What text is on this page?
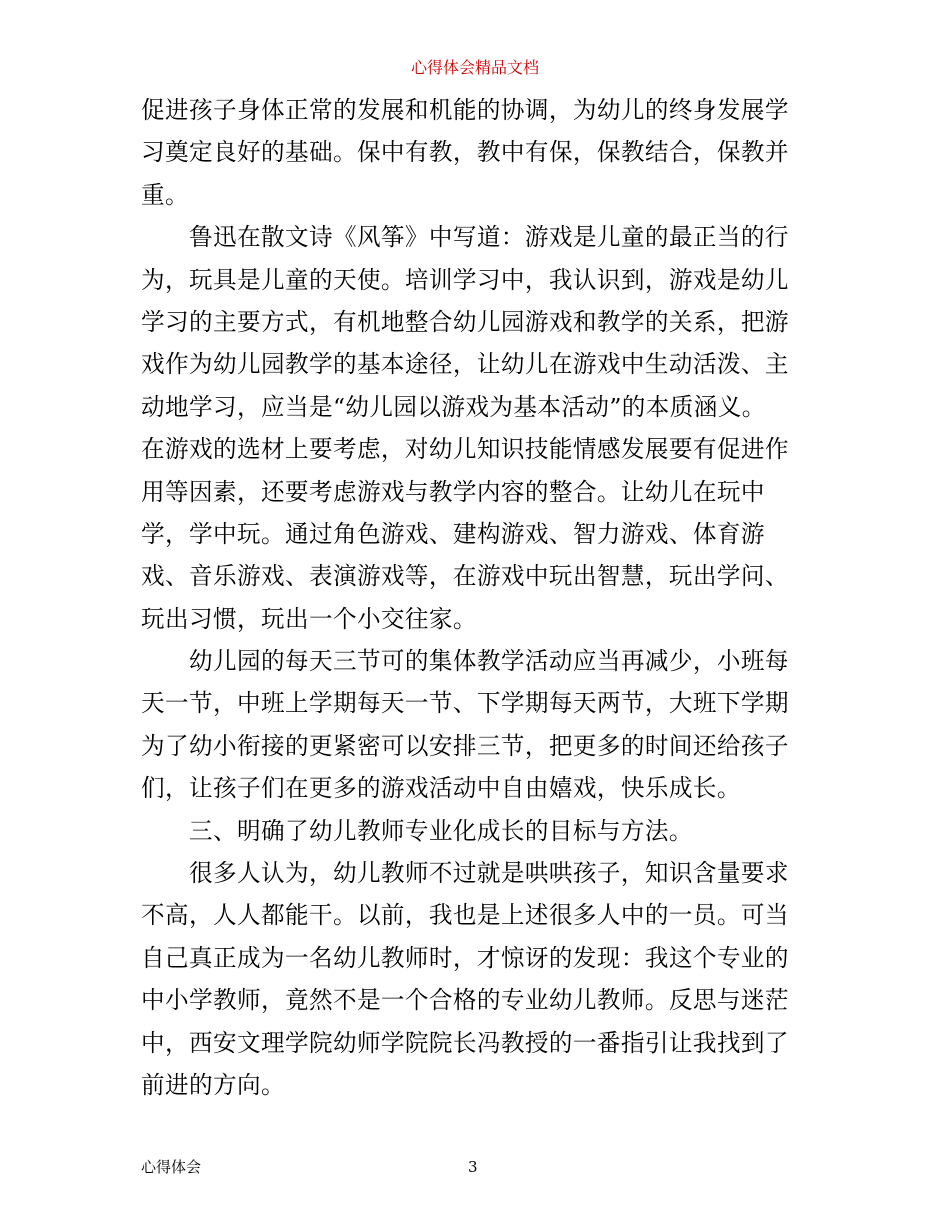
心得体会精品文档
促进孩子身体正常的发展和机能的协调，为幼儿的终身发展学
习奠定良好的基础。保中有教，教中有保，保教结合，保教并
重。
　　鲁迅在散文诗《风筝》中写道：游戏是儿童的最正当的行
为，玩具是儿童的天使。培训学习中，我认识到，游戏是幼儿
学习的主要方式，有机地整合幼儿园游戏和教学的关系，把游
戏作为幼儿园教学的基本途径，让幼儿在游戏中生动活泼、主
动地学习，应当是“幼儿园以游戏为基本活动”的本质涵义。
在游戏的选材上要考虑，对幼儿知识技能情感发展要有促进作
用等因素，还要考虑游戏与教学内容的整合。让幼儿在玩中
学，学中玩。通过角色游戏、建构游戏、智力游戏、体育游
戏、音乐游戏、表演游戏等，在游戏中玩出智慧，玩出学问、
玩出习惯，玩出一个小交往家。
　　幼儿园的每天三节可的集体教学活动应当再减少，小班每
天一节，中班上学期每天一节、下学期每天两节，大班下学期
为了幼小衔接的更紧密可以安排三节，把更多的时间还给孩子
们，让孩子们在更多的游戏活动中自由嬉戏，快乐成长。
　　三、明确了幼儿教师专业化成长的目标与方法。
　　很多人认为，幼儿教师不过就是哄哄孩子，知识含量要求
不高，人人都能干。以前，我也是上述很多人中的一员。可当
自己真正成为一名幼儿教师时，才惊讶的发现：我这个专业的
中小学教师，竟然不是一个合格的专业幼儿教师。反思与迷茫
中，西安文理学院幼师学院院长冯教授的一番指引让我找到了
前进的方向。
心得体会	3
